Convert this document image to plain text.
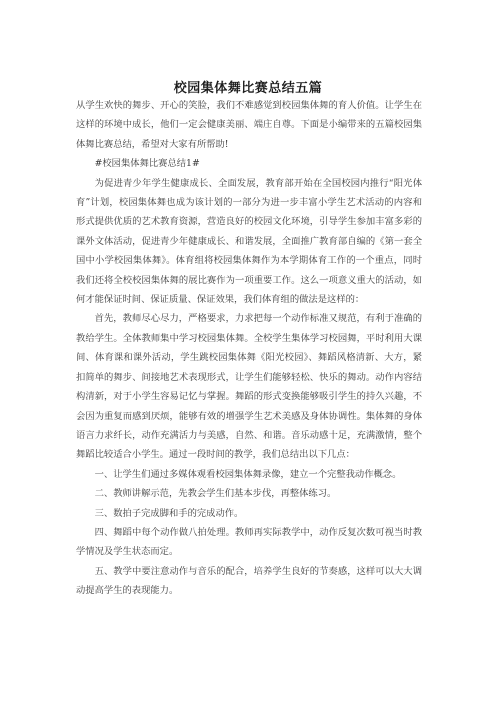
校园集体舞比赛总结五篇

从学生欢快的舞步、开心的笑脸，我们不难感觉到校园集体舞的育人价值。让学生在这样的环境中成长，他们一定会健康美丽、端庄自尊。下面是小编带来的五篇校园集体舞比赛总结，希望对大家有所帮助!

#校园集体舞比赛总结1#

为促进青少年学生健康成长、全面发展，教育部开始在全国校园内推行“阳光体育”计划，校园集体舞也成为该计划的一部分为进一步丰富小学生艺术活动的内容和形式提供优质的艺术教育资源，营造良好的校园文化环境，引导学生参加丰富多彩的课外文体活动，促进青少年健康成长、和谐发展，全面推广教育部自编的《第一套全国中小学校园集体舞》。体育组将校园集体舞作为本学期体育工作的一个重点，同时我们还将全校校园集体舞的展比赛作为一项重要工作。这么一项意义重大的活动，如何才能保证时间、保证质量、保证效果，我们体育组的做法是这样的：

首先，教师尽心尽力，严格要求，力求把每一个动作标准又规范，有利于准确的教给学生。全体教师集中学习校园集体舞。全校学生集体学习校园舞，平时利用大课间、体育课和课外活动，学生跳校园集体舞《阳光校园》、舞蹈风格清新、大方，紧扣简单的舞步、间接地艺术表现形式，让学生们能够轻松、快乐的舞动。动作内容结构清新，对于小学生容易记忆与掌握。舞蹈的形式变换能够吸引学生的持久兴趣，不会因为重复而感到厌烦，能够有效的增强学生艺术美感及身体协调性。集体舞的身体语言力求纤长，动作充满活力与美感，自然、和谐。音乐动感十足，充满激情，整个舞蹈比较适合小学生。通过一段时间的教学，我们总结出以下几点：

一、让学生们通过多媒体观看校园集体舞录像，建立一个完整我动作概念。

二、教师讲解示范，先教会学生们基本步伐，再整体练习。

三、数拍子完成脚和手的完成动作。

四、舞蹈中每个动作做八拍处理。教师再实际教学中，动作反复次数可视当时教学情况及学生状态而定。

五、教学中要注意动作与音乐的配合，培养学生良好的节奏感，这样可以大大调动提高学生的表现能力。
